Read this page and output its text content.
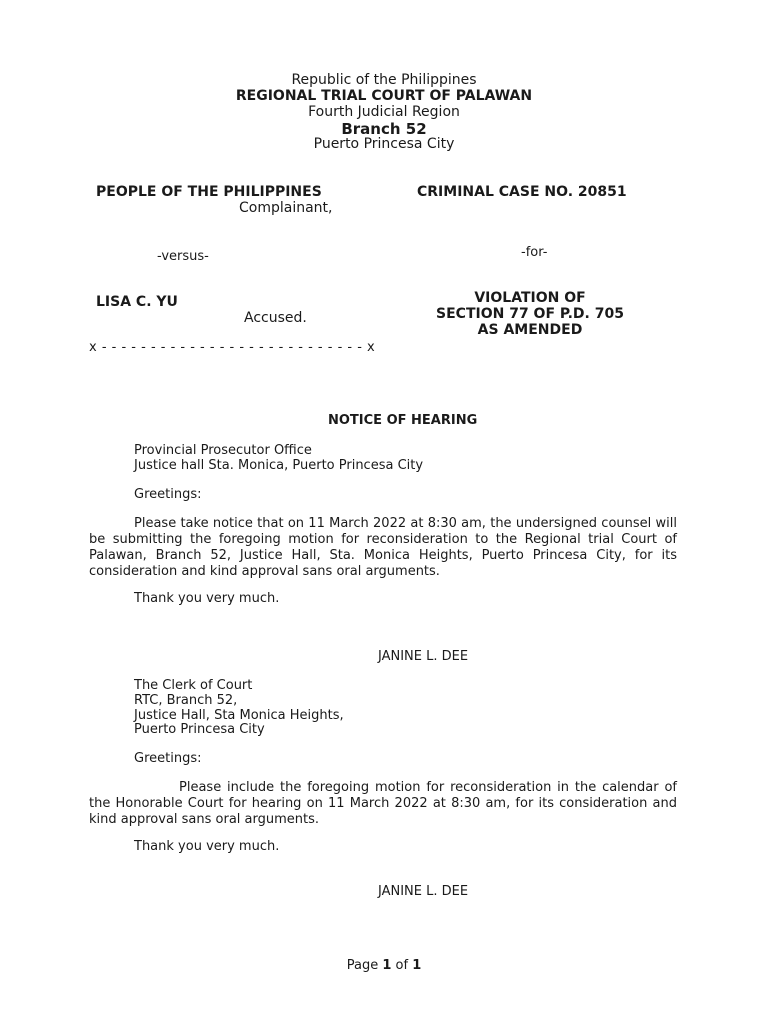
Republic of the Philippines
REGIONAL TRIAL COURT OF PALAWAN
Fourth Judicial Region
Branch 52
Puerto Princesa City
PEOPLE OF THE PHILIPPINES
Complainant,
-versus-
LISA C. YU
Accused.
x - - - - - - - - - - - - - - - - - - - - - - - - - - - x
CRIMINAL CASE NO. 20851
-for-
VIOLATION OF
SECTION 77 OF P.D. 705
AS AMENDED
NOTICE OF HEARING
Provincial Prosecutor Office
Justice hall Sta. Monica, Puerto Princesa City
Greetings:
Please take notice that on 11 March 2022 at 8:30 am, the undersigned counsel will be submitting the foregoing motion for reconsideration to the Regional trial Court of Palawan, Branch 52, Justice Hall, Sta. Monica Heights, Puerto Princesa City, for its consideration and kind approval sans oral arguments.
Thank you very much.
JANINE L. DEE
The Clerk of Court
RTC, Branch 52,
Justice Hall, Sta Monica Heights,
Puerto Princesa City
Greetings:
Please include the foregoing motion for reconsideration in the calendar of the Honorable Court for hearing on 11 March 2022 at 8:30 am, for its consideration and kind approval sans oral arguments.
Thank you very much.
JANINE L. DEE
Page 1 of 1
